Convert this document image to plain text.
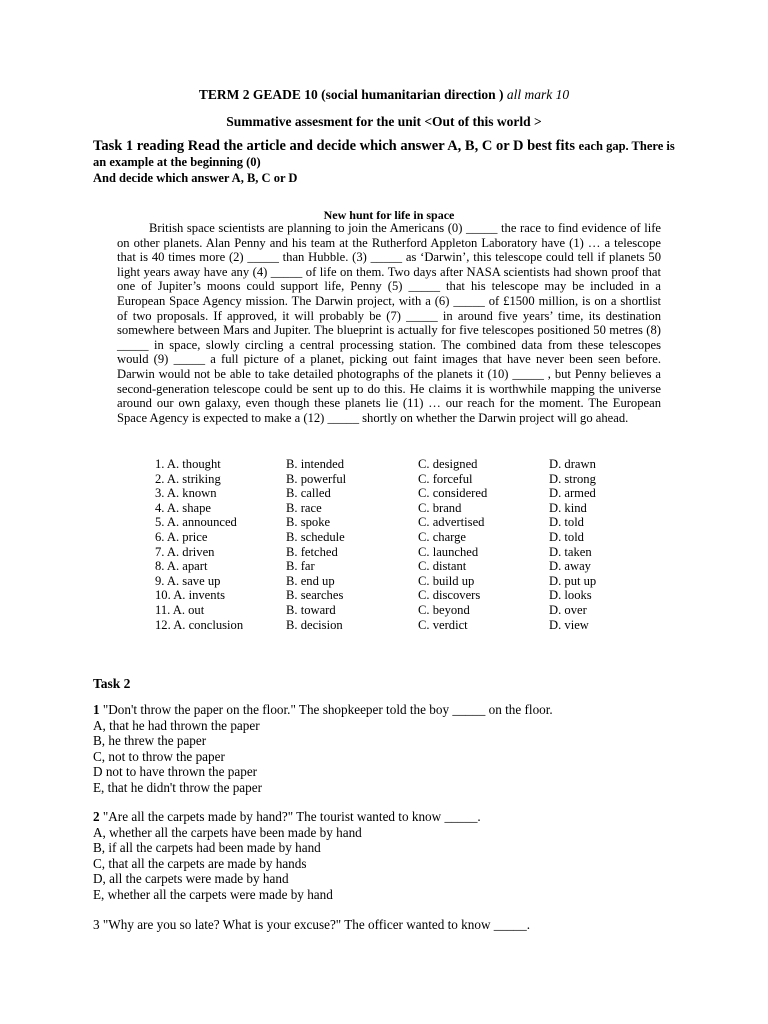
TERM 2 GEADE 10 (social humanitarian direction ) all mark 10
Summative assesment for the unit <Out of this world >
Task 1 reading Read the article and decide which answer A, B, C or D best fits each gap. There is
an example at the beginning (0)
And decide which answer A, B, C or D
New hunt for life in space

British space scientists are planning to join the Americans (0) _____ the race to find evidence of life on other planets. Alan Penny and his team at the Rutherford Appleton Laboratory have (1) … a telescope that is 40 times more (2) _____ than Hubble. (3) _____ as ‘Darwin’, this telescope could tell if planets 50 light years away have any (4) _____ of life on them. Two days after NASA scientists had shown proof that one of Jupiter’s moons could support life, Penny (5) _____ that his telescope may be included in a European Space Agency mission. The Darwin project, with a (6) _____ of £1500 million, is on a shortlist of two proposals. If approved, it will probably be (7) _____ in around five years’ time, its destination somewhere between Mars and Jupiter. The blueprint is actually for five telescopes positioned 50 metres (8) _____ in space, slowly circling a central processing station. The combined data from these telescopes would (9) _____ a full picture of a planet, picking out faint images that have never been seen before. Darwin would not be able to take detailed photographs of the planets it (10) _____ , but Penny believes a second-generation telescope could be sent up to do this. He claims it is worthwhile mapping the universe around our own galaxy, even though these planets lie (11) … our reach for the moment. The European Space Agency is expected to make a (12) _____ shortly on whether the Darwin project will go ahead.

1. A. thought	B. intended	C. designed	D. drawn
2. A. striking	B. powerful	C. forceful	D. strong
3. A. known	B. called	C. considered	D. armed
4. A. shape	B. race	C. brand	D. kind
5. A. announced	B. spoke	C. advertised	D. told
6. A. price	B. schedule	C. charge	D. told
7. A. driven	B. fetched	C. launched	D. taken
8. A. apart	B. far	C. distant	D. away
9. A. save up	B. end up	C. build up	D. put up
10. A. invents	B. searches	C. discovers	D. looks
11. A. out	B. toward	C. beyond	D. over
12. A. conclusion	B. decision	C. verdict	D. view
Task 2
1 "Don't throw the paper on the floor." The shopkeeper told the boy _____ on the floor.
A, that he had thrown the paper
B, he threw the paper
C, not to throw the paper
D not to have thrown the paper
E, that he didn't throw the paper
2 "Are all the carpets made by hand?" The tourist wanted to know _____.
A, whether all the carpets have been made by hand
B, if all the carpets had been made by hand
C, that all the carpets are made by hands
D, all the carpets were made by hand
E, whether all the carpets were made by hand
3 "Why are you so late? What is your excuse?" The officer wanted to know _____.
